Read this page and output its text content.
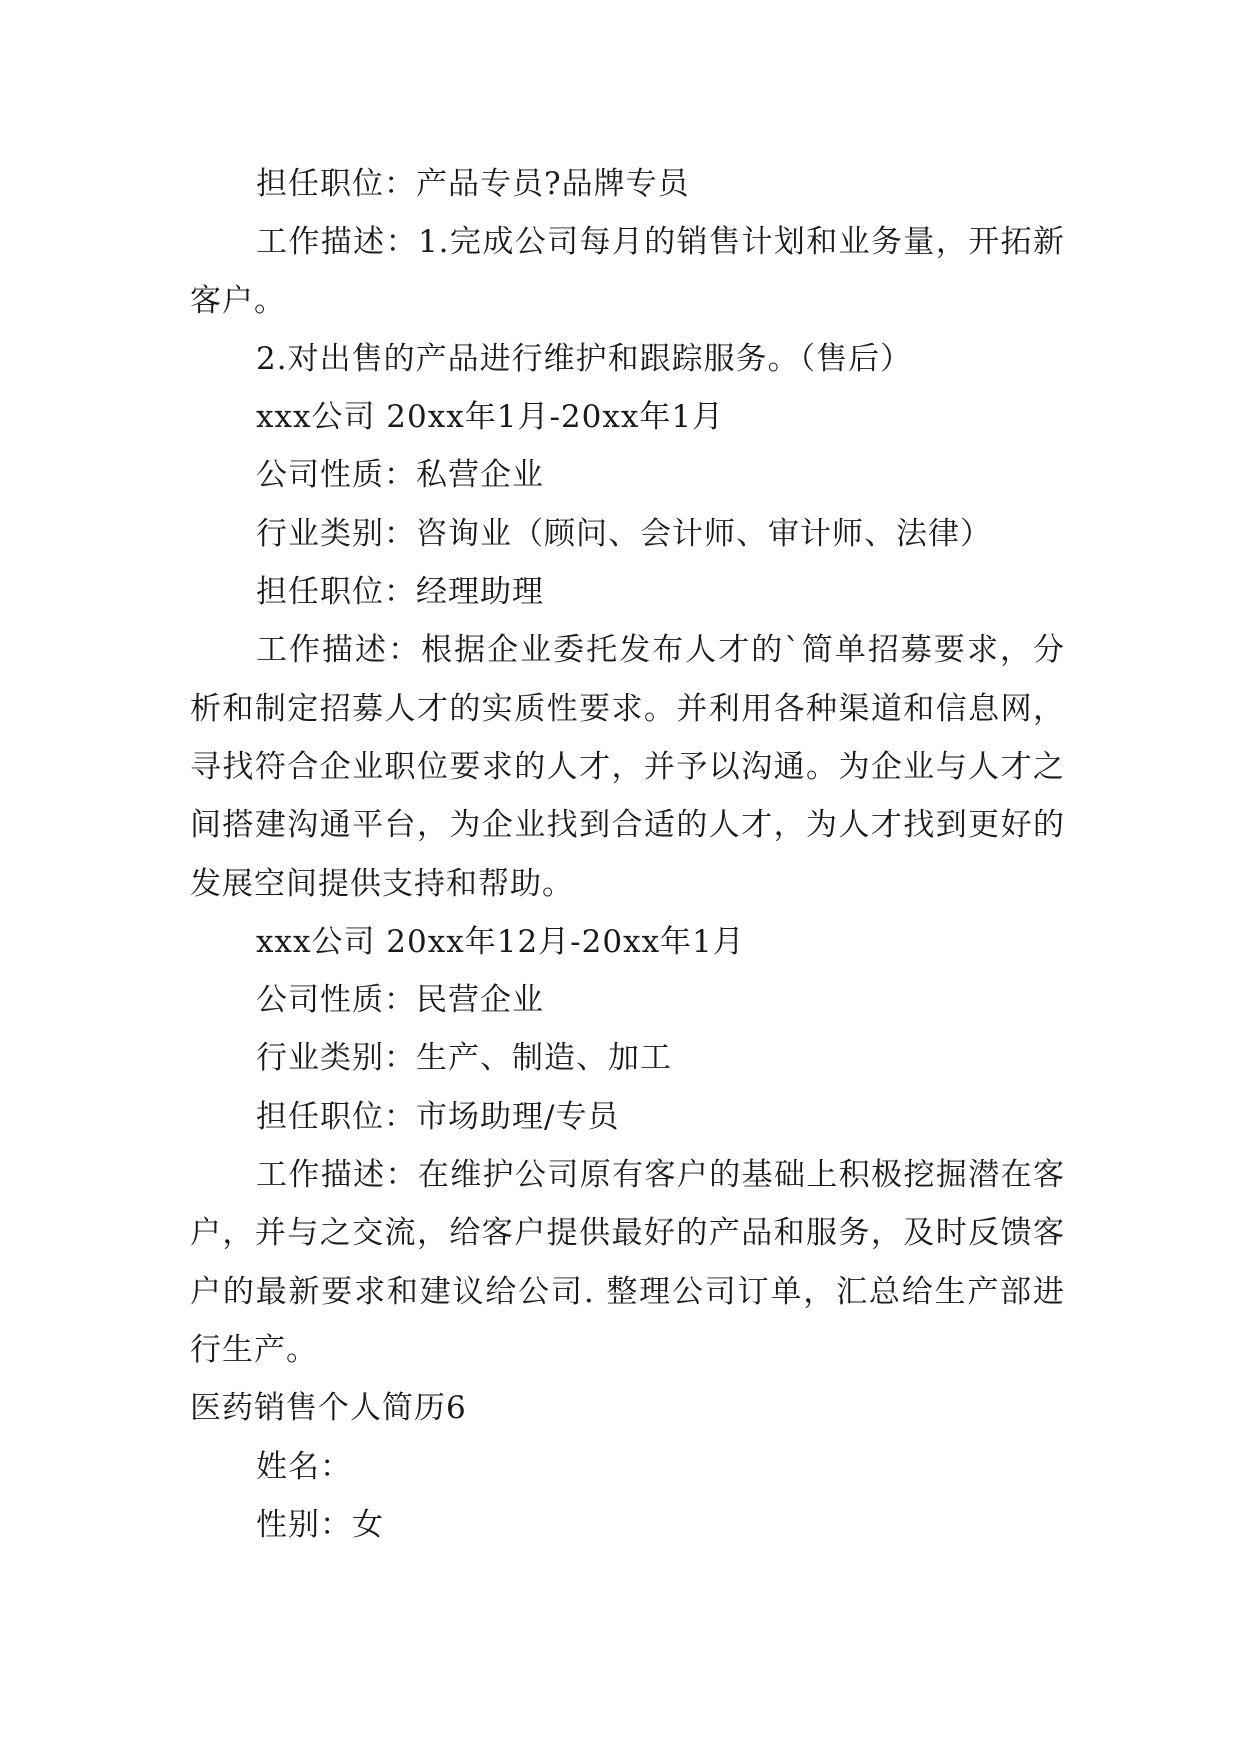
担任职位：产品专员?品牌专员

工作描述：1.完成公司每月的销售计划和业务量，开拓新客户。

2.对出售的产品进行维护和跟踪服务。（售后）

xxx公司 20xx年1月-20xx年1月

公司性质：私营企业

行业类别：咨询业（顾问、会计师、审计师、法律）

担任职位：经理助理

工作描述：根据企业委托发布人才的`简单招募要求，分析和制定招募人才的实质性要求。并利用各种渠道和信息网，寻找符合企业职位要求的人才，并予以沟通。为企业与人才之间搭建沟通平台，为企业找到合适的人才，为人才找到更好的发展空间提供支持和帮助。

xxx公司 20xx年12月-20xx年1月

公司性质：民营企业

行业类别：生产、制造、加工

担任职位：市场助理/专员

工作描述：在维护公司原有客户的基础上积极挖掘潜在客户，并与之交流，给客户提供最好的产品和服务，及时反馈客户的最新要求和建议给公司. 整理公司订单，汇总给生产部进行生产。

医药销售个人简历6

姓名：

性别：女
